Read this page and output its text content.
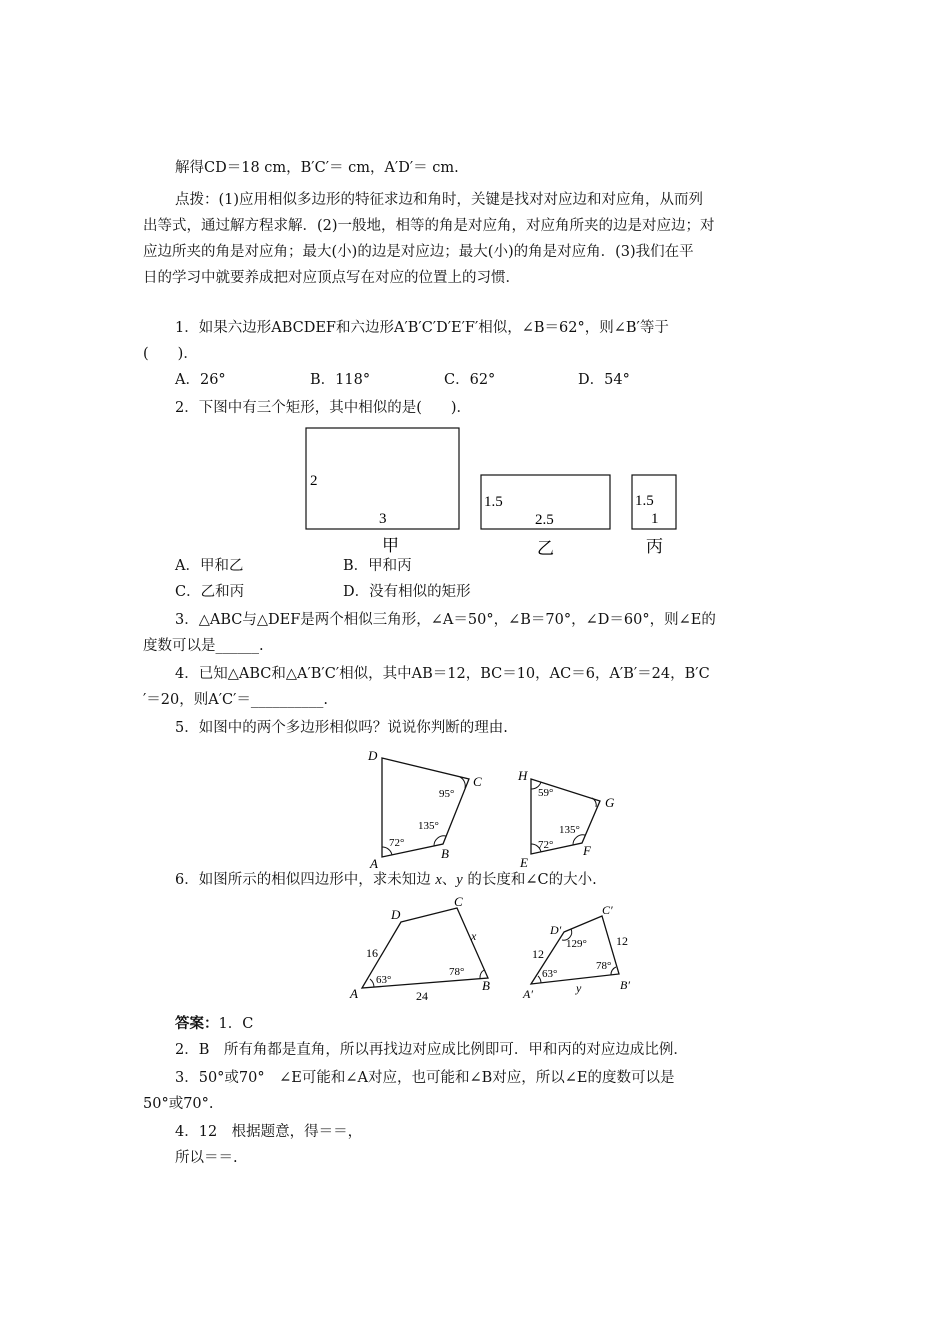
解得CD＝18 cm，B′C′＝ cm，A′D′＝ cm.
点拨：(1)应用相似多边形的特征求边和角时，关键是找对对应边和对应角，从而列
出等式，通过解方程求解．(2)一般地，相等的角是对应角，对应角所夹的边是对应边；对
应边所夹的角是对应角；最大(小)的边是对应边；最大(小)的角是对应角．(3)我们在平
日的学习中就要养成把对应顶点写在对应的位置上的习惯．
1．如果六边形ABCDEF和六边形A′B′C′D′E′F′相似，∠B＝62°，则∠B′等于
(　　)．
A．26°	B．118°	C．62°	D．54°
2．下图中有三个矩形，其中相似的是(　　)．
2
3
甲
1.5
2.5
乙
1.5
1
丙
A．甲和乙	B．甲和丙
C．乙和丙	D．没有相似的矩形
3．△ABC与△DEF是两个相似三角形，∠A＝50°，∠B＝70°，∠D＝60°，则∠E的
度数可以是______.
4．已知△ABC和△A′B′C′相似，其中AB＝12，BC＝10，AC＝6，A′B′＝24，B′C
′＝20，则A′C′＝__________.
5．如图中的两个多边形相似吗？说说你判断的理由.
D
C
A
B
95°
135°
72°
H
G
E
F
59°
135°
72°
6．如图所示的相似四边形中，求未知边 x、y 的长度和∠C的大小.
D
C
A
B
16
24
x
63°
78°
D′
C′
A′
B′
12
12
y
63°
78°
129°
答案：1．C
2．B　所有角都是直角，所以再找边对应成比例即可．甲和丙的对应边成比例．
3．50°或70°　∠E可能和∠A对应，也可能和∠B对应，所以∠E的度数可以是
50°或70°.
4．12　根据题意，得＝＝，
所以＝＝.
